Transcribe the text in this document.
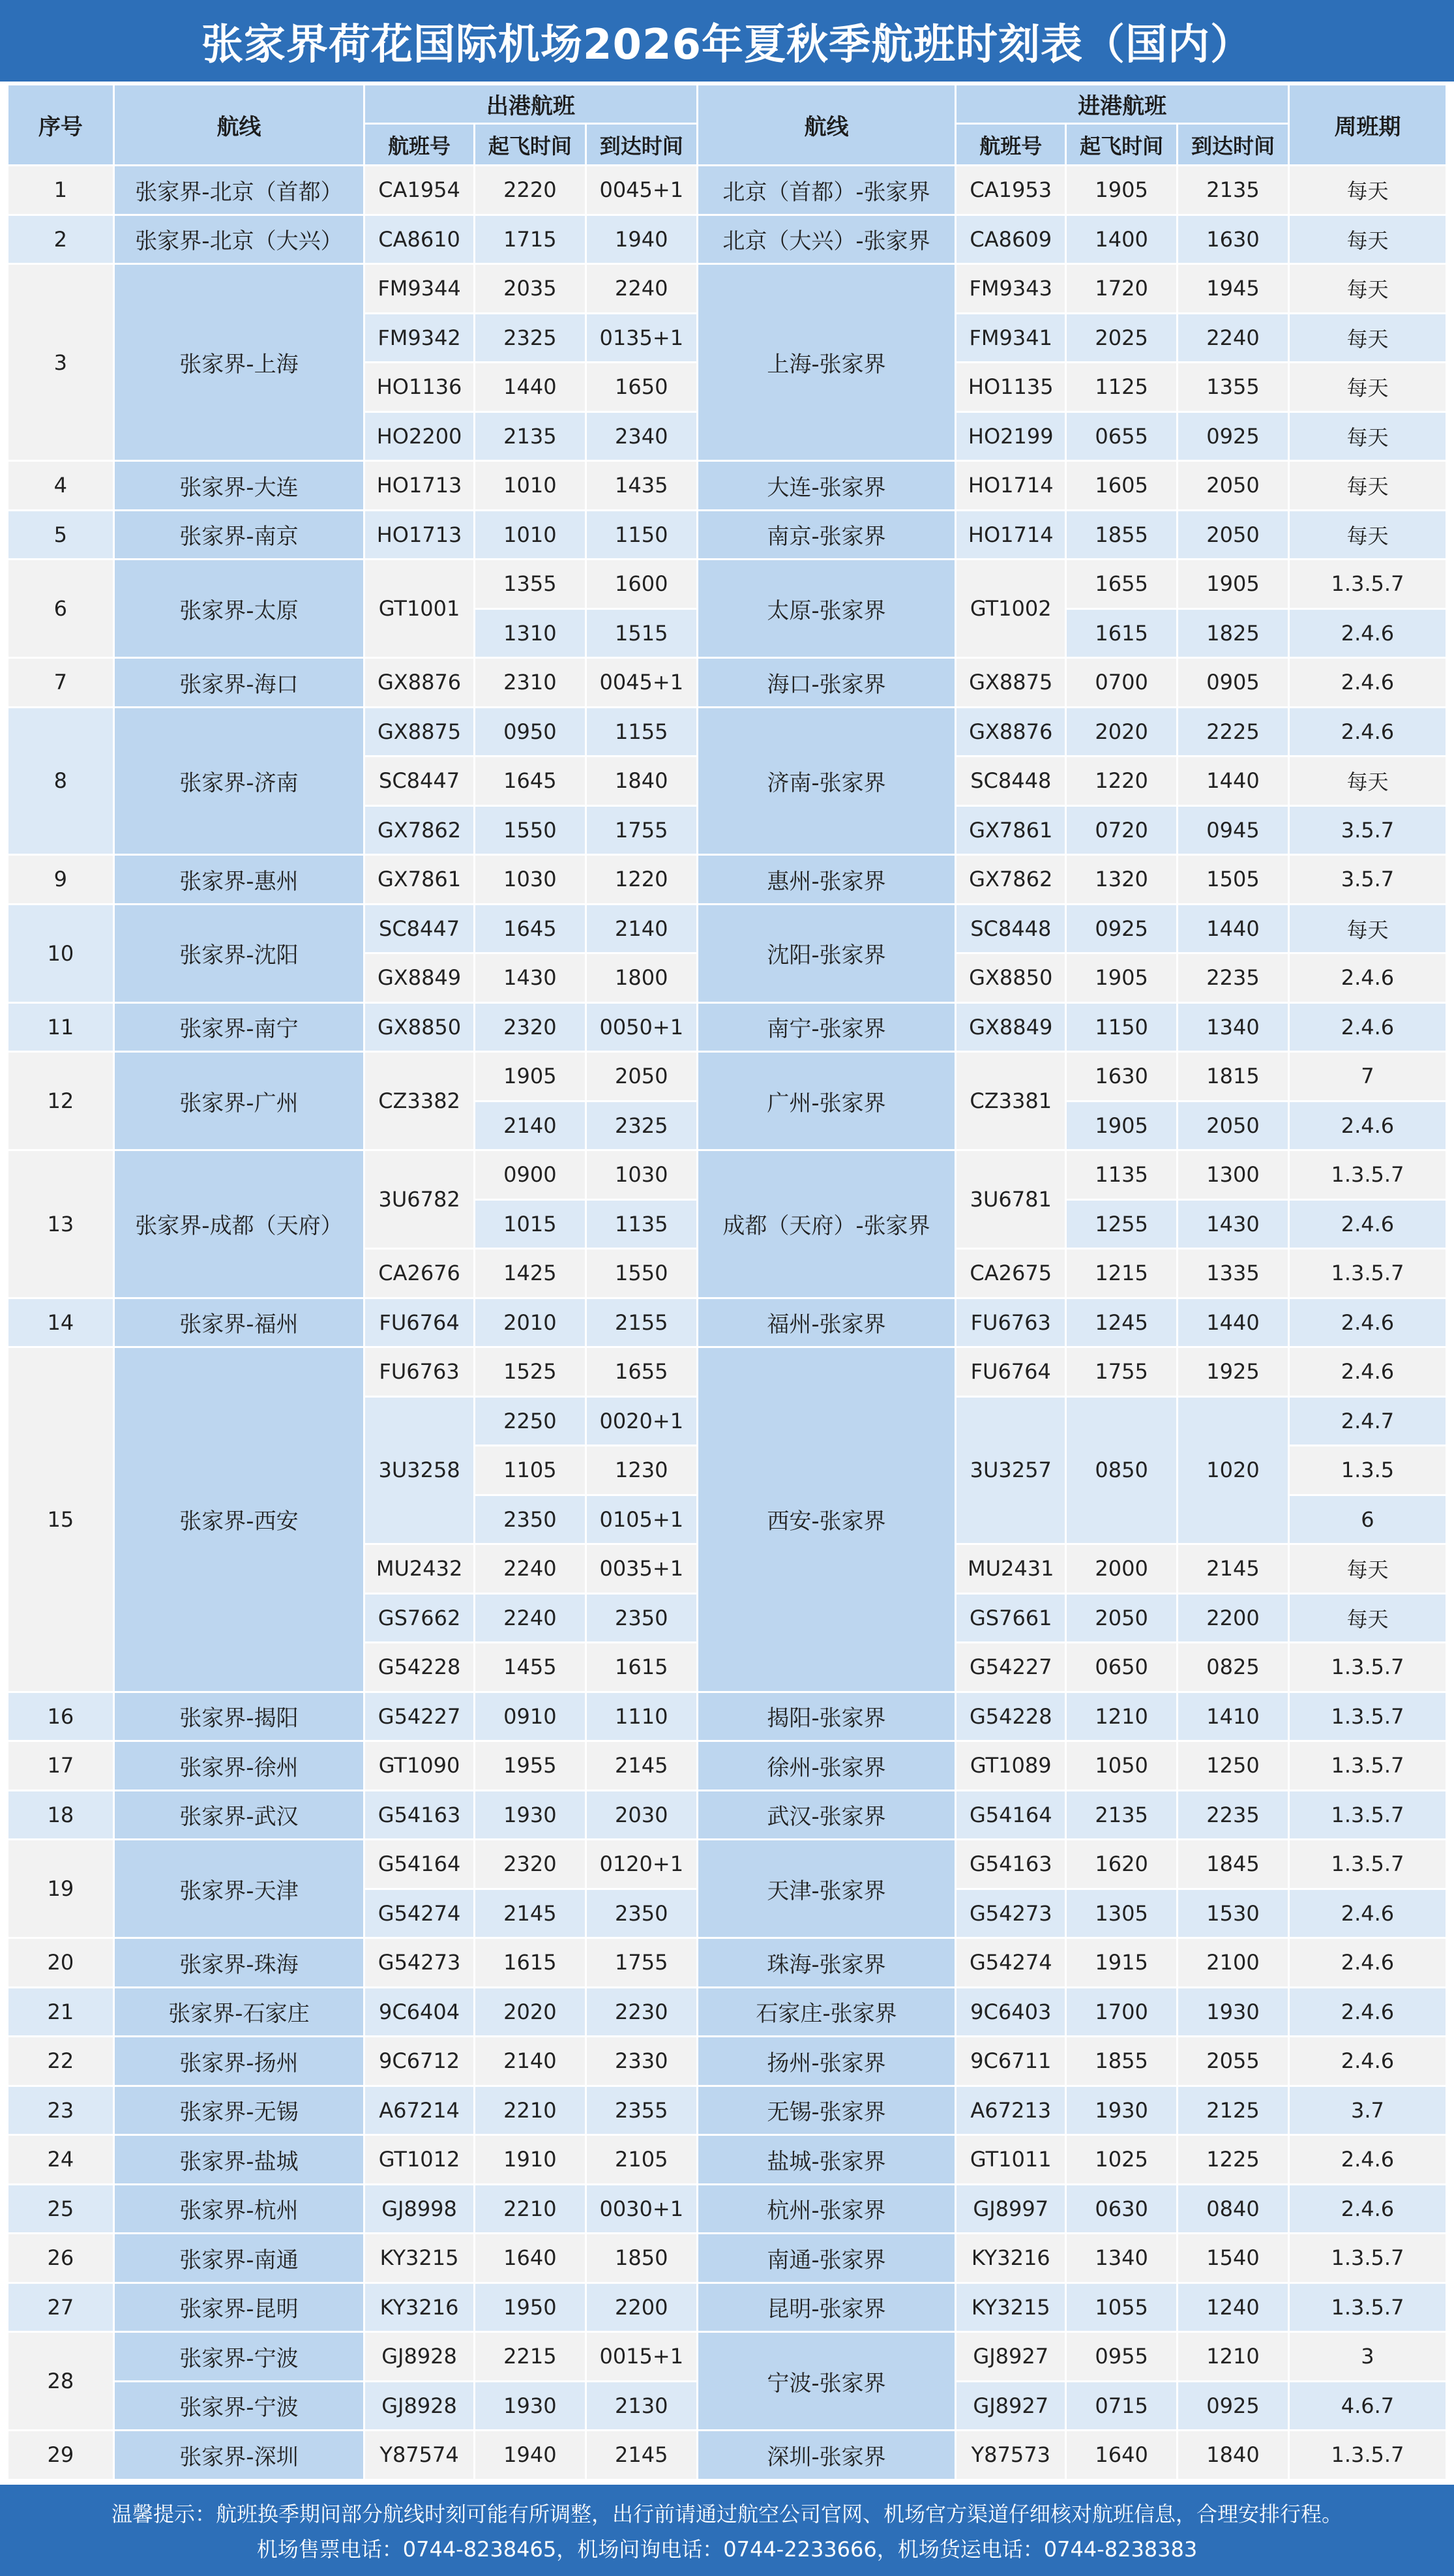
张家界荷花国际机场2026年夏秋季航班时刻表（国内）
序号	航线	出港航班			航线	进港航班			周班期
		航班号	起飞时间	到达时间		航班号	起飞时间	到达时间	
1	张家界-北京（首都）	CA1954	2220	0045+1	北京（首都）-张家界	CA1953	1905	2135	每天
2	张家界-北京（大兴）	CA8610	1715	1940	北京（大兴）-张家界	CA8609	1400	1630	每天
3	张家界-上海	FM9344	2035	2240	上海-张家界	FM9343	1720	1945	每天
		FM9342	2325	0135+1		FM9341	2025	2240	每天
		HO1136	1440	1650		HO1135	1125	1355	每天
		HO2200	2135	2340		HO2199	0655	0925	每天
4	张家界-大连	HO1713	1010	1435	大连-张家界	HO1714	1605	2050	每天
5	张家界-南京	HO1713	1010	1150	南京-张家界	HO1714	1855	2050	每天
6	张家界-太原	GT1001	1355	1600	太原-张家界	GT1002	1655	1905	1.3.5.7
			1310	1515			1615	1825	2.4.6
7	张家界-海口	GX8876	2310	0045+1	海口-张家界	GX8875	0700	0905	2.4.6
8	张家界-济南	GX8875	0950	1155	济南-张家界	GX8876	2020	2225	2.4.6
		SC8447	1645	1840		SC8448	1220	1440	每天
		GX7862	1550	1755		GX7861	0720	0945	3.5.7
9	张家界-惠州	GX7861	1030	1220	惠州-张家界	GX7862	1320	1505	3.5.7
10	张家界-沈阳	SC8447	1645	2140	沈阳-张家界	SC8448	0925	1440	每天
		GX8849	1430	1800		GX8850	1905	2235	2.4.6
11	张家界-南宁	GX8850	2320	0050+1	南宁-张家界	GX8849	1150	1340	2.4.6
12	张家界-广州	CZ3382	1905	2050	广州-张家界	CZ3381	1630	1815	7
			2140	2325			1905	2050	2.4.6
13	张家界-成都（天府）	3U6782	0900	1030	成都（天府）-张家界	3U6781	1135	1300	1.3.5.7
			1015	1135			1255	1430	2.4.6
		CA2676	1425	1550		CA2675	1215	1335	1.3.5.7
14	张家界-福州	FU6764	2010	2155	福州-张家界	FU6763	1245	1440	2.4.6
15	张家界-西安	FU6763	1525	1655	西安-张家界	FU6764	1755	1925	2.4.6
		3U3258	2250	0020+1		3U3257	0850	1020	2.4.7
			1105	1230					1.3.5
			2350	0105+1					6
		MU2432	2240	0035+1		MU2431	2000	2145	每天
		GS7662	2240	2350		GS7661	2050	2200	每天
		G54228	1455	1615		G54227	0650	0825	1.3.5.7
16	张家界-揭阳	G54227	0910	1110	揭阳-张家界	G54228	1210	1410	1.3.5.7
17	张家界-徐州	GT1090	1955	2145	徐州-张家界	GT1089	1050	1250	1.3.5.7
18	张家界-武汉	G54163	1930	2030	武汉-张家界	G54164	2135	2235	1.3.5.7
19	张家界-天津	G54164	2320	0120+1	天津-张家界	G54163	1620	1845	1.3.5.7
		G54274	2145	2350		G54273	1305	1530	2.4.6
20	张家界-珠海	G54273	1615	1755	珠海-张家界	G54274	1915	2100	2.4.6
21	张家界-石家庄	9C6404	2020	2230	石家庄-张家界	9C6403	1700	1930	2.4.6
22	张家界-扬州	9C6712	2140	2330	扬州-张家界	9C6711	1855	2055	2.4.6
23	张家界-无锡	A67214	2210	2355	无锡-张家界	A67213	1930	2125	3.7
24	张家界-盐城	GT1012	1910	2105	盐城-张家界	GT1011	1025	1225	2.4.6
25	张家界-杭州	GJ8998	2210	0030+1	杭州-张家界	GJ8997	0630	0840	2.4.6
26	张家界-南通	KY3215	1640	1850	南通-张家界	KY3216	1340	1540	1.3.5.7
27	张家界-昆明	KY3216	1950	2200	昆明-张家界	KY3215	1055	1240	1.3.5.7
28	张家界-宁波	GJ8928	2215	0015+1	宁波-张家界	GJ8927	0955	1210	3
	张家界-宁波	GJ8928	1930	2130		GJ8927	0715	0925	4.6.7
29	张家界-深圳	Y87574	1940	2145	深圳-张家界	Y87573	1640	1840	1.3.5.7
温馨提示：航班换季期间部分航线时刻可能有所调整，出行前请通过航空公司官网、机场官方渠道仔细核对航班信息，合理安排行程。
机场售票电话：0744-8238465，机场问询电话：0744-2233666，机场货运电话：0744-8238383
